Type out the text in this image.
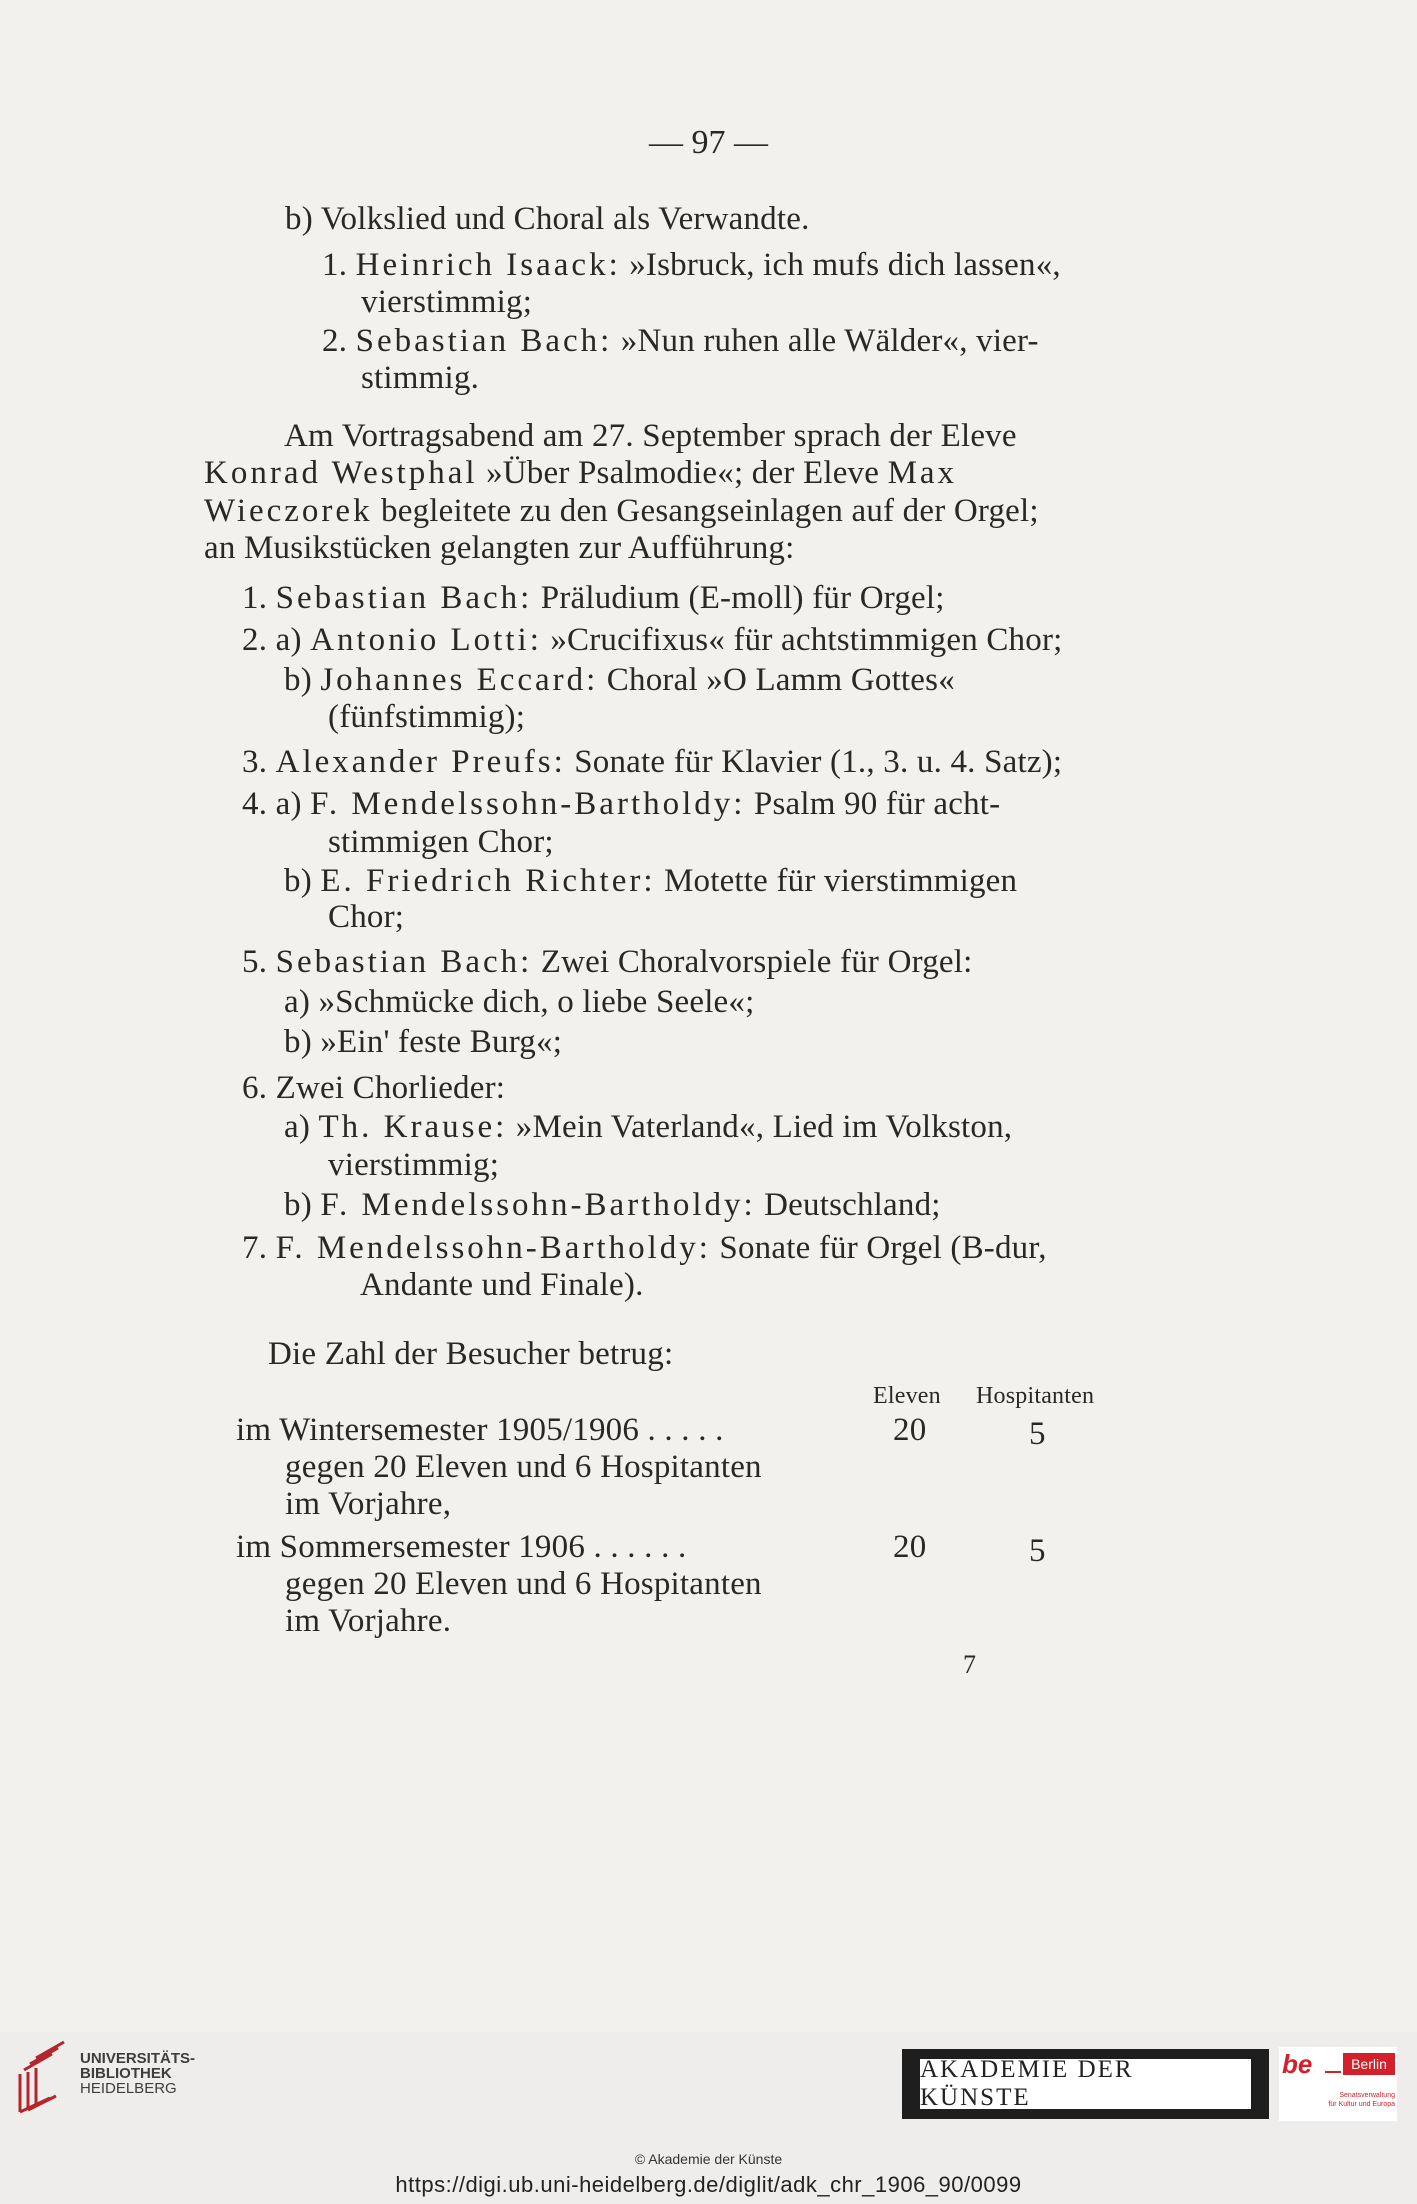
— 97 —
b) Volkslied und Choral als Verwandte.
1. Heinrich Isaack: »Isbruck, ich mufs dich lassen«,
vierstimmig;
2. Sebastian Bach: »Nun ruhen alle Wälder«, vier-
stimmig.
Am Vortragsabend am 27. September sprach der Eleve
Konrad Westphal »Über Psalmodie«; der Eleve Max
Wieczorek begleitete zu den Gesangseinlagen auf der Orgel;
an Musikstücken gelangten zur Aufführung:
1. Sebastian Bach: Präludium (E-moll) für Orgel;
2. a) Antonio Lotti: »Crucifixus« für achtstimmigen Chor;
b) Johannes Eccard: Choral »O Lamm Gottes«
(fünfstimmig);
3. Alexander Preufs: Sonate für Klavier (1., 3. u. 4. Satz);
4. a) F. Mendelssohn-Bartholdy: Psalm 90 für acht-
stimmigen Chor;
b) E. Friedrich Richter: Motette für vierstimmigen
Chor;
5. Sebastian Bach: Zwei Choralvorspiele für Orgel:
a) »Schmücke dich, o liebe Seele«;
b) »Ein' feste Burg«;
6. Zwei Chorlieder:
a) Th. Krause: »Mein Vaterland«, Lied im Volkston,
vierstimmig;
b) F. Mendelssohn-Bartholdy: Deutschland;
7. F. Mendelssohn-Bartholdy: Sonate für Orgel (B-dur,
Andante und Finale).
Die Zahl der Besucher betrug:
Eleven Hospitanten
im Wintersemester 1905/1906 . . . . .	20	5
gegen 20 Eleven und 6 Hospitanten
im Vorjahre,
im Sommersemester 1906 . . . . . .	20	5
gegen 20 Eleven und 6 Hospitanten
im Vorjahre.
7
UNIVERSITÄTS-
BIBLIOTHEK
HEIDELBERG
AKADEMIE DER KÜNSTE
be	Berlin
Senatsverwaltung
für Kultur und Europa
© Akademie der Künste
https://digi.ub.uni-heidelberg.de/diglit/adk_chr_1906_90/0099
